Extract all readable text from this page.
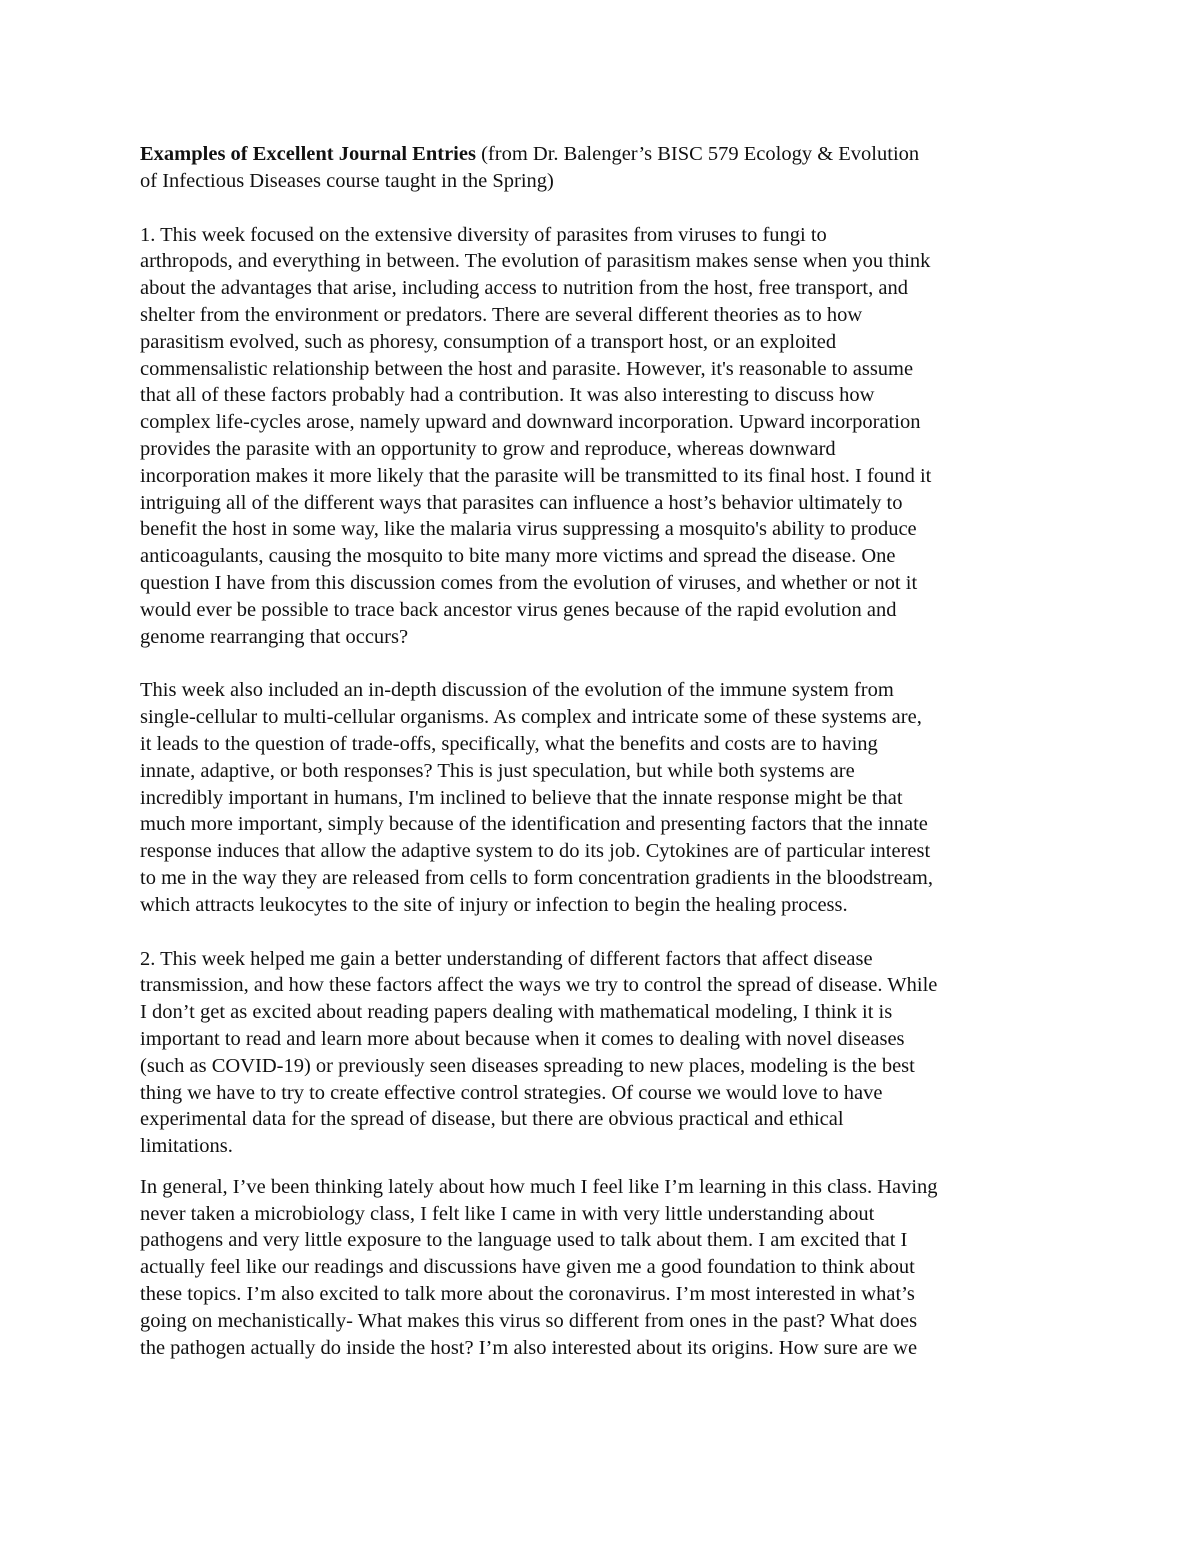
Examples of Excellent Journal Entries (from Dr. Balenger’s BISC 579 Ecology & Evolution
of Infectious Diseases course taught in the Spring)

1. This week focused on the extensive diversity of parasites from viruses to fungi to
arthropods, and everything in between. The evolution of parasitism makes sense when you think
about the advantages that arise, including access to nutrition from the host, free transport, and
shelter from the environment or predators. There are several different theories as to how
parasitism evolved, such as phoresy, consumption of a transport host, or an exploited
commensalistic relationship between the host and parasite. However, it's reasonable to assume
that all of these factors probably had a contribution. It was also interesting to discuss how
complex life-cycles arose, namely upward and downward incorporation. Upward incorporation
provides the parasite with an opportunity to grow and reproduce, whereas downward
incorporation makes it more likely that the parasite will be transmitted to its final host. I found it
intriguing all of the different ways that parasites can influence a host’s behavior ultimately to
benefit the host in some way, like the malaria virus suppressing a mosquito's ability to produce
anticoagulants, causing the mosquito to bite many more victims and spread the disease. One
question I have from this discussion comes from the evolution of viruses, and whether or not it
would ever be possible to trace back ancestor virus genes because of the rapid evolution and
genome rearranging that occurs?

This week also included an in-depth discussion of the evolution of the immune system from
single-cellular to multi-cellular organisms. As complex and intricate some of these systems are,
it leads to the question of trade-offs, specifically, what the benefits and costs are to having
innate, adaptive, or both responses? This is just speculation, but while both systems are
incredibly important in humans, I'm inclined to believe that the innate response might be that
much more important, simply because of the identification and presenting factors that the innate
response induces that allow the adaptive system to do its job. Cytokines are of particular interest
to me in the way they are released from cells to form concentration gradients in the bloodstream,
which attracts leukocytes to the site of injury or infection to begin the healing process.

2. This week helped me gain a better understanding of different factors that affect disease
transmission, and how these factors affect the ways we try to control the spread of disease. While
I don’t get as excited about reading papers dealing with mathematical modeling, I think it is
important to read and learn more about because when it comes to dealing with novel diseases
(such as COVID-19) or previously seen diseases spreading to new places, modeling is the best
thing we have to try to create effective control strategies. Of course we would love to have
experimental data for the spread of disease, but there are obvious practical and ethical
limitations.

In general, I’ve been thinking lately about how much I feel like I’m learning in this class. Having
never taken a microbiology class, I felt like I came in with very little understanding about
pathogens and very little exposure to the language used to talk about them. I am excited that I
actually feel like our readings and discussions have given me a good foundation to think about
these topics. I’m also excited to talk more about the coronavirus. I’m most interested in what’s
going on mechanistically- What makes this virus so different from ones in the past? What does
the pathogen actually do inside the host? I’m also interested about its origins. How sure are we
